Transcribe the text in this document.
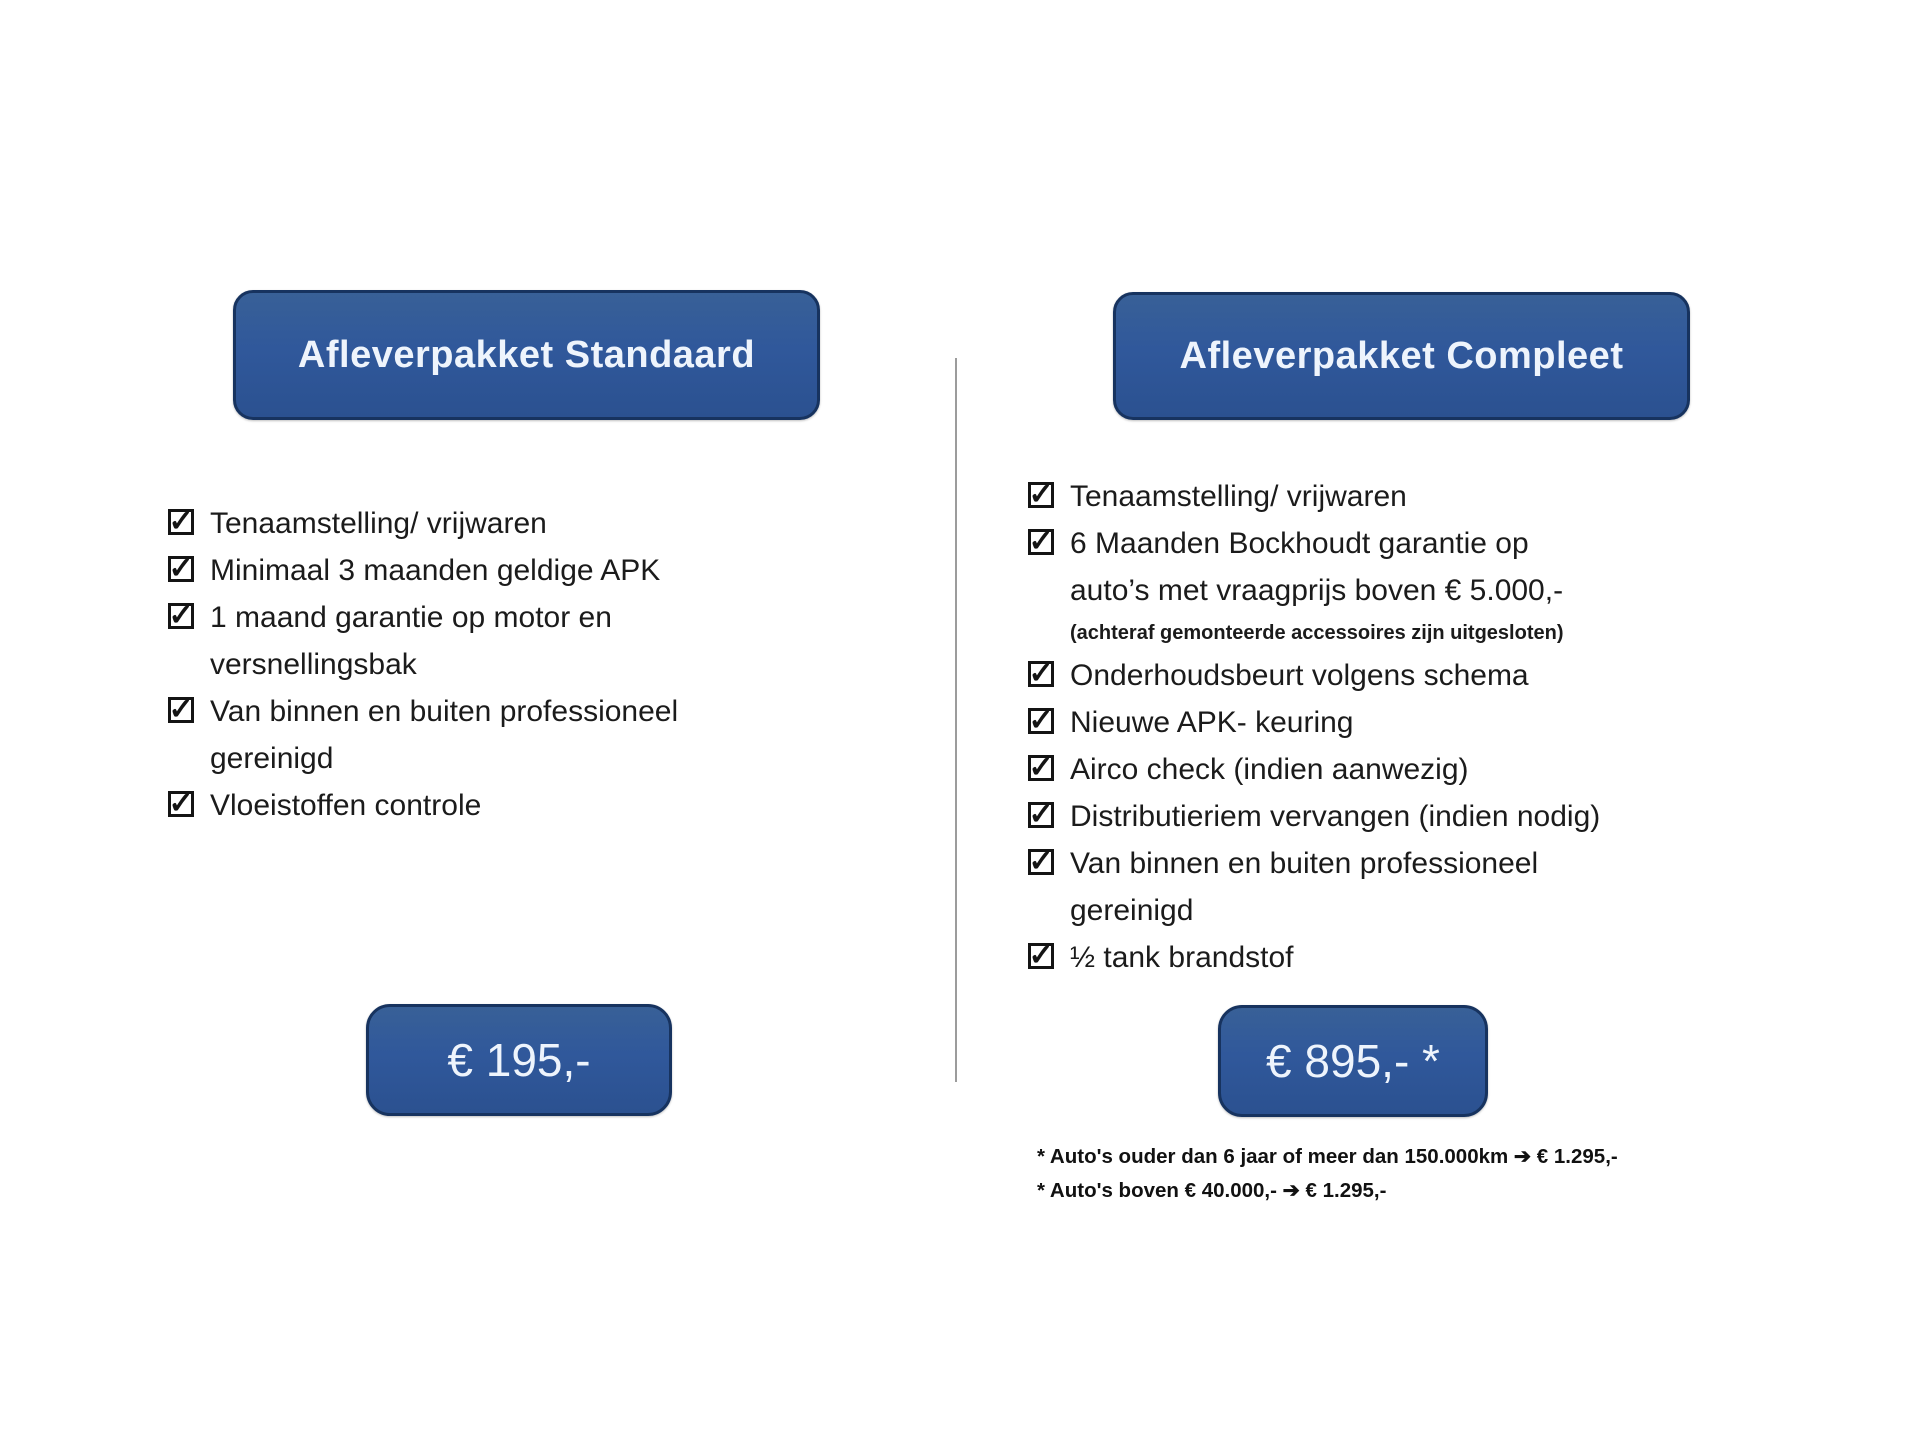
Afleverpakket Standaard	Afleverpakket Compleet
✓ Tenaamstelling/ vrijwaren
✓ Minimaal 3 maanden geldige APK
✓ 1 maand garantie op motor en
versnellingsbak
✓ Van binnen en buiten professioneel
gereinigd
✓ Vloeistoffen controle
✓ Tenaamstelling/ vrijwaren
✓ 6 Maanden Bockhoudt garantie op
auto’s met vraagprijs boven € 5.000,-
(achteraf gemonteerde accessoires zijn uitgesloten)
✓ Onderhoudsbeurt volgens schema
✓ Nieuwe APK- keuring
✓ Airco check (indien aanwezig)
✓ Distributieriem vervangen (indien nodig)
✓ Van binnen en buiten professioneel
gereinigd
✓ ½ tank brandstof
€ 195,-	€ 895,- *
* Auto's ouder dan 6 jaar of meer dan 150.000km ➔ € 1.295,-
* Auto's boven € 40.000,- ➔ € 1.295,-
